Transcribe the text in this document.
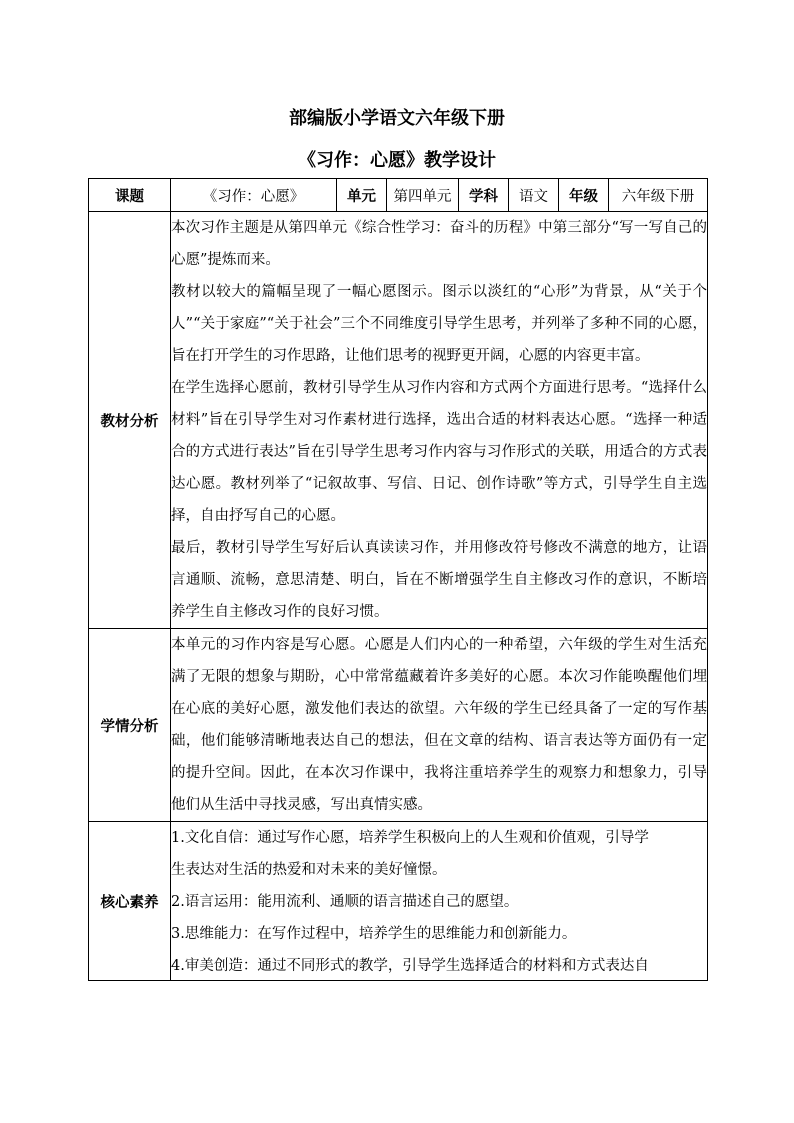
部编版小学语文六年级下册
《习作：心愿》教学设计
课题	《习作：心愿》	单元	第四单元	学科	语文	年级	六年级下册
教材分析	本次习作主题是从第四单元《综合性学习：奋斗的历程》中第三部分“写一写自己的心愿”提炼而来。

教材以较大的篇幅呈现了一幅心愿图示。图示以淡红的“心形”为背景，从“关于个人”“关于家庭”“关于社会”三个不同维度引导学生思考，并列举了多种不同的心愿，旨在打开学生的习作思路，让他们思考的视野更开阔，心愿的内容更丰富。

在学生选择心愿前，教材引导学生从习作内容和方式两个方面进行思考。“选择什么材料”旨在引导学生对习作素材进行选择，选出合适的材料表达心愿。“选择一种适合的方式进行表达”旨在引导学生思考习作内容与习作形式的关联，用适合的方式表达心愿。教材列举了“记叙故事、写信、日记、创作诗歌”等方式，引导学生自主选择，自由抒写自己的心愿。

最后，教材引导学生写好后认真读读习作，并用修改符号修改不满意的地方，让语言通顺、流畅，意思清楚、明白，旨在不断增强学生自主修改习作的意识，不断培养学生自主修改习作的良好习惯。						

学情分析	本单元的习作内容是写心愿。心愿是人们内心的一种希望，六年级的学生对生活充满了无限的想象与期盼，心中常常蕴藏着许多美好的心愿。本次习作能唤醒他们埋在心底的美好心愿，激发他们表达的欲望。六年级的学生已经具备了一定的写作基础，他们能够清晰地表达自己的想法，但在文章的结构、语言表达等方面仍有一定的提升空间。因此，在本次习作课中，我将注重培养学生的观察力和想象力，引导他们从生活中寻找灵感，写出真情实感。						

核心素养	1.文化自信：通过写作心愿，培养学生积极向上的人生观和价值观，引导学

生表达对生活的热爱和对未来的美好憧憬。

2.语言运用：能用流利、通顺的语言描述自己的愿望。

3.思维能力：在写作过程中，培养学生的思维能力和创新能力。

4.审美创造：通过不同形式的教学，引导学生选择适合的材料和方式表达自						
